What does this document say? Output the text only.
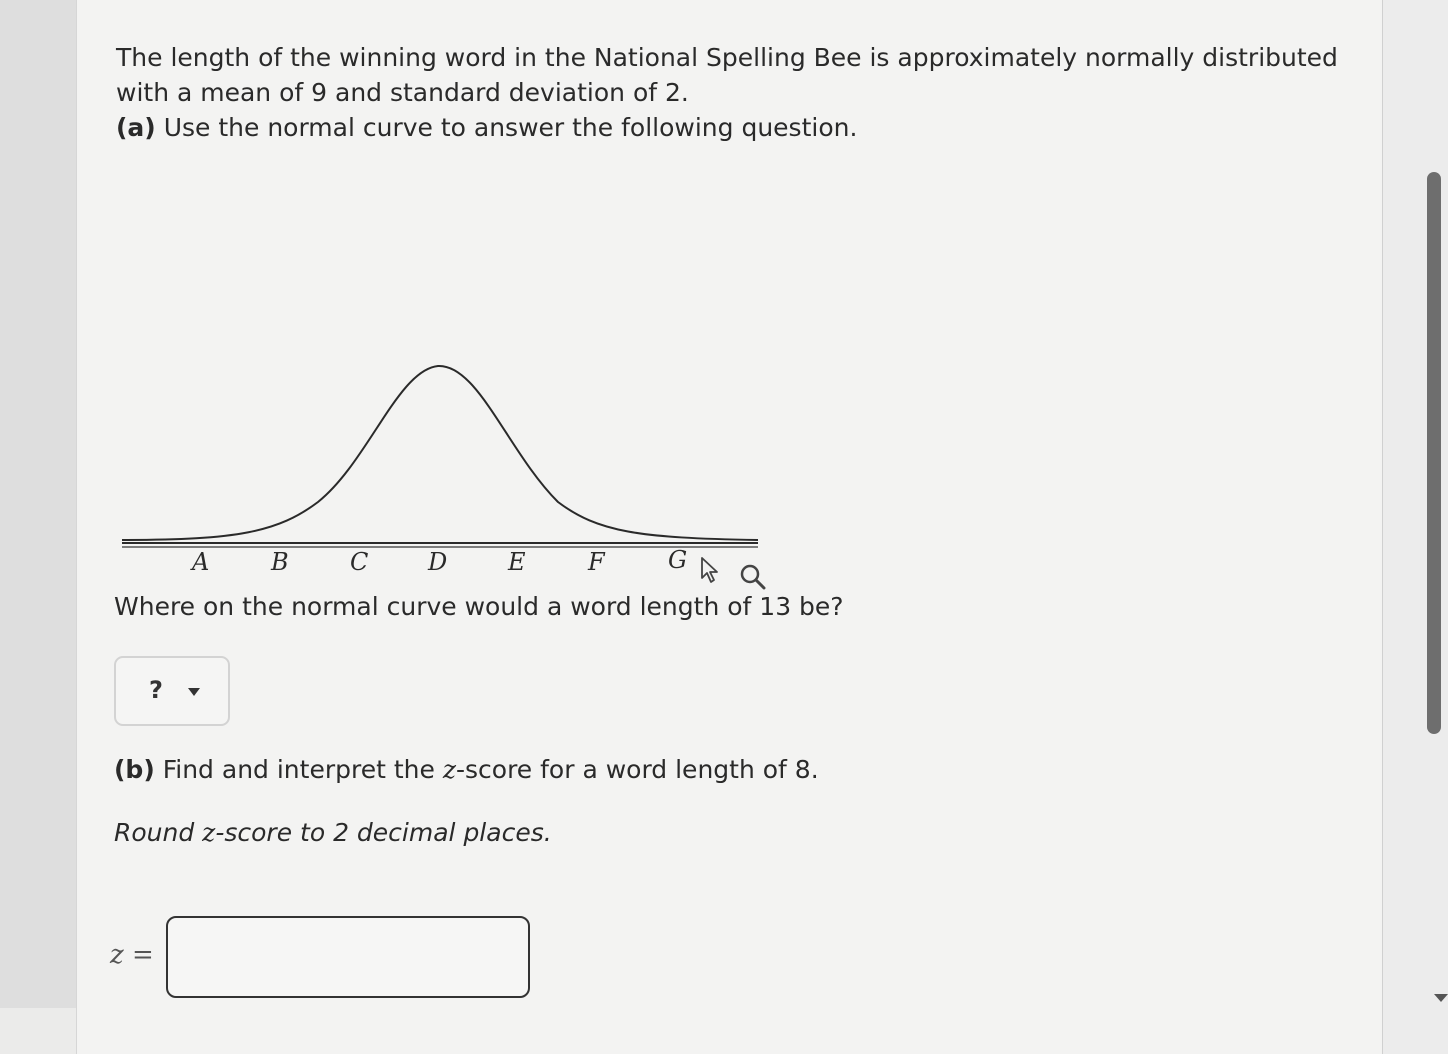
The length of the winning word in the National Spelling Bee is approximately normally distributed
with a mean of 9 and standard deviation of 2.
(a) Use the normal curve to answer the following question.
A	B	C D	E	F	G
Where on the normal curve would a word length of 13 be?
?
(b) Find and interpret the z-score for a word length of 8.
Round z-score to 2 decimal places.
z =
